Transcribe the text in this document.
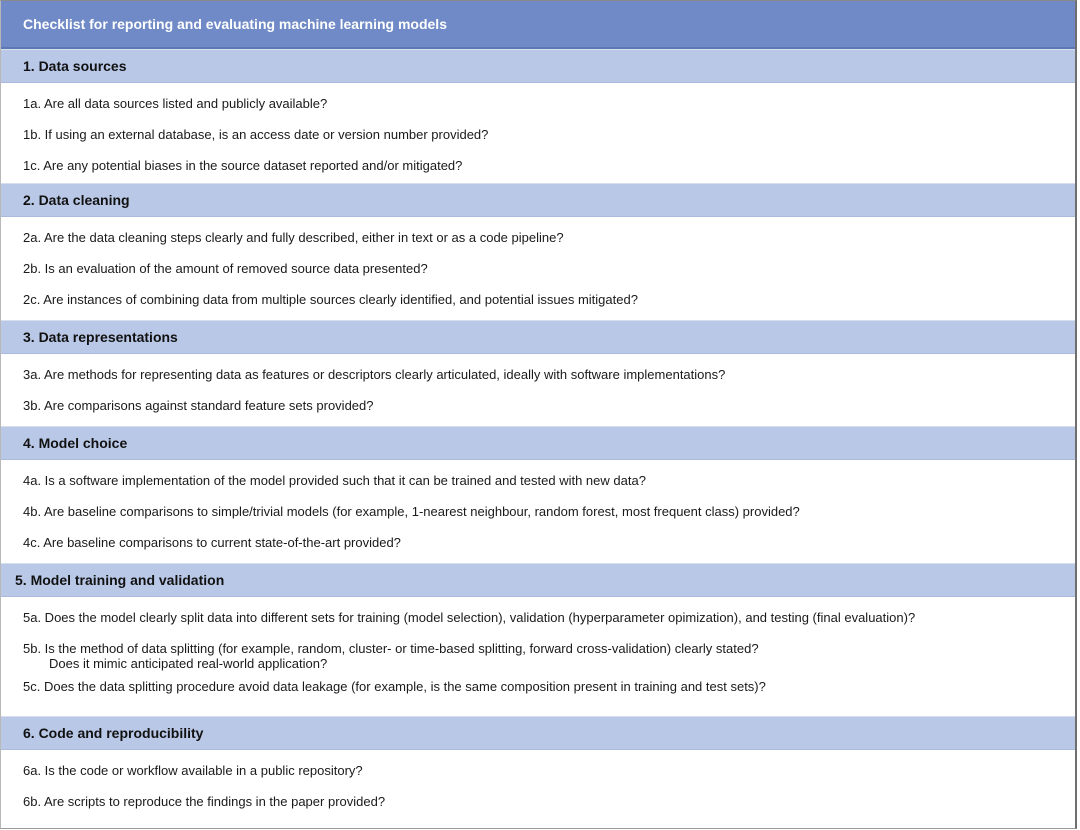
Checklist for reporting and evaluating machine learning models
1. Data sources
1a. Are all data sources listed and publicly available?
1b. If using an external database, is an access date or version number provided?
1c. Are any potential biases in the source dataset reported and/or mitigated?
2. Data cleaning
2a. Are the data cleaning steps clearly and fully described, either in text or as a code pipeline?
2b. Is an evaluation of the amount of removed source data presented?
2c. Are instances of combining data from multiple sources clearly identified, and potential issues mitigated?
3. Data representations
3a. Are methods for representing data as features or descriptors clearly articulated, ideally with software implementations?
3b. Are comparisons against standard feature sets provided?
4. Model choice
4a. Is a software implementation of the model provided such that it can be trained and tested with new data?
4b. Are baseline comparisons to simple/trivial models (for example, 1-nearest neighbour, random forest, most frequent class) provided?
4c. Are baseline comparisons to current state-of-the-art provided?
5. Model training and validation
5a. Does the model clearly split data into different sets for training (model selection), validation (hyperparameter opimization), and testing (final evaluation)?
5b. Is the method of data splitting (for example, random, cluster- or time-based splitting, forward cross-validation) clearly stated?
Does it mimic anticipated real-world application?
5c. Does the data splitting procedure avoid data leakage (for example, is the same composition present in training and test sets)?
6. Code and reproducibility
6a. Is the code or workflow available in a public repository?
6b. Are scripts to reproduce the findings in the paper provided?
